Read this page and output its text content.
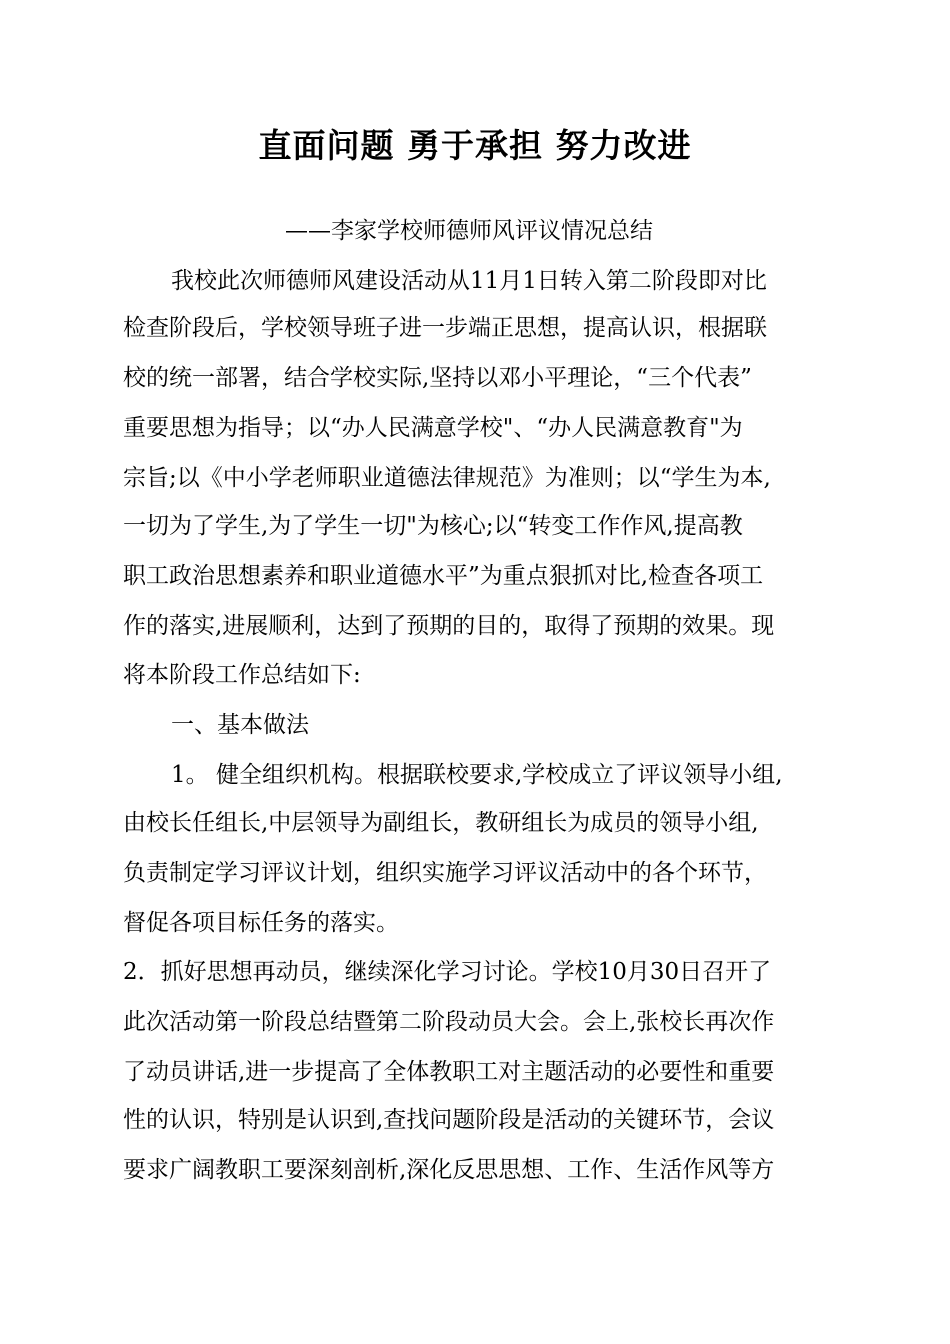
直面问题 勇于承担 努力改进
——李家学校师德师风评议情况总结
我校此次师德师风建设活动从11月1日转入第二阶段即对比
检查阶段后，学校领导班子进一步端正思想，提高认识，根据联
校的统一部署，结合学校实际,坚持以邓小平理论，“三个代表”
重要思想为指导；以“办人民满意学校"、“办人民满意教育"为
宗旨;以《中小学老师职业道德法律规范》为准则；以“学生为本,
一切为了学生,为了学生一切"为核心;以“转变工作作风,提高教
职工政治思想素养和职业道德水平”为重点狠抓对比,检查各项工
作的落实,进展顺利，达到了预期的目的，取得了预期的效果。现
将本阶段工作总结如下:
一、基本做法
1。 健全组织机构。根据联校要求,学校成立了评议领导小组,
由校长任组长,中层领导为副组长，教研组长为成员的领导小组,
负责制定学习评议计划，组织实施学习评议活动中的各个环节，
督促各项目标任务的落实。
2．抓好思想再动员，继续深化学习讨论。学校10月30日召开了
此次活动第一阶段总结暨第二阶段动员大会。会上,张校长再次作
了动员讲话,进一步提高了全体教职工对主题活动的必要性和重要
性的认识，特别是认识到,查找问题阶段是活动的关键环节，会议
要求广阔教职工要深刻剖析,深化反思思想、工作、生活作风等方
